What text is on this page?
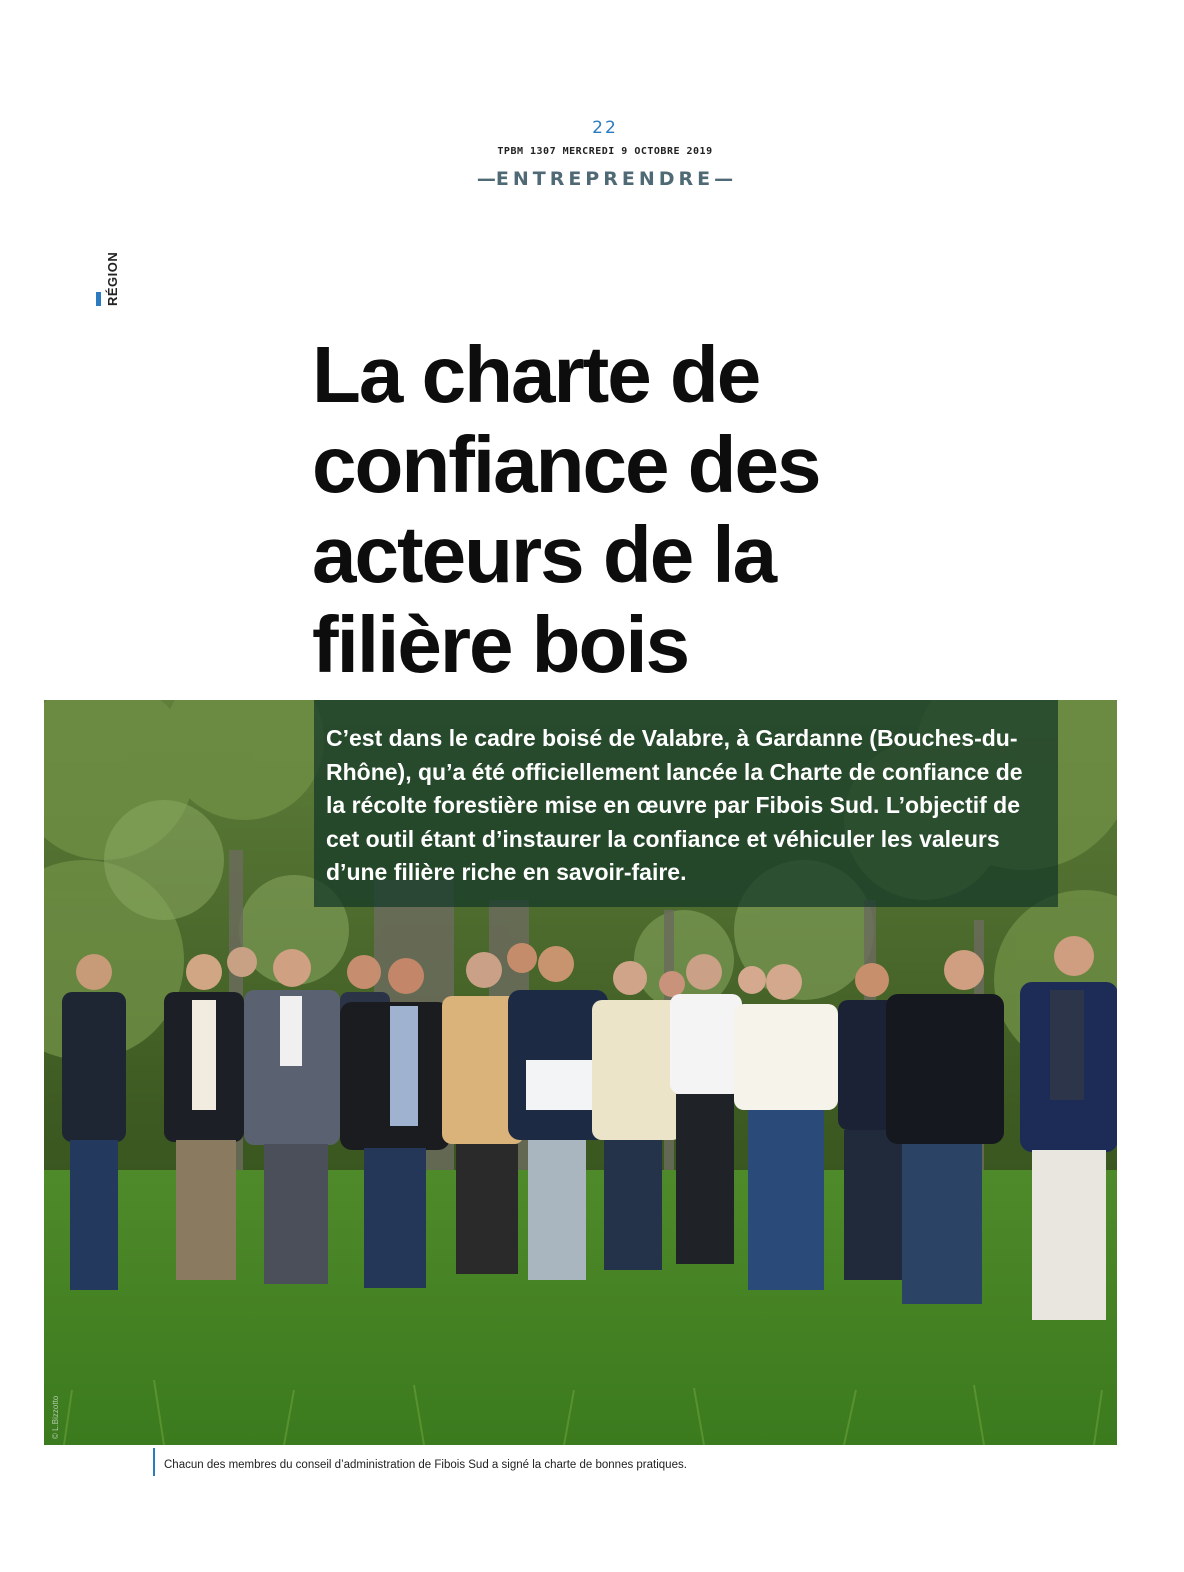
22
TPBM 1307 MERCREDI 9 OCTOBRE 2019
—ENTREPRENDRE—
RÉGION
La charte de confiance des acteurs de la filière bois
C’est dans le cadre boisé de Valabre, à Gardanne (Bouches-du-Rhône), qu’a été officiellement lancée la Charte de confiance de la récolte forestière mise en œuvre par Fibois Sud. L’objectif de cet outil étant d’instaurer la confiance et véhiculer les valeurs d’une filière riche en savoir-faire.
© L.Bizzotto
Chacun des membres du conseil d’administration de Fibois Sud a signé la charte de bonnes pratiques.
